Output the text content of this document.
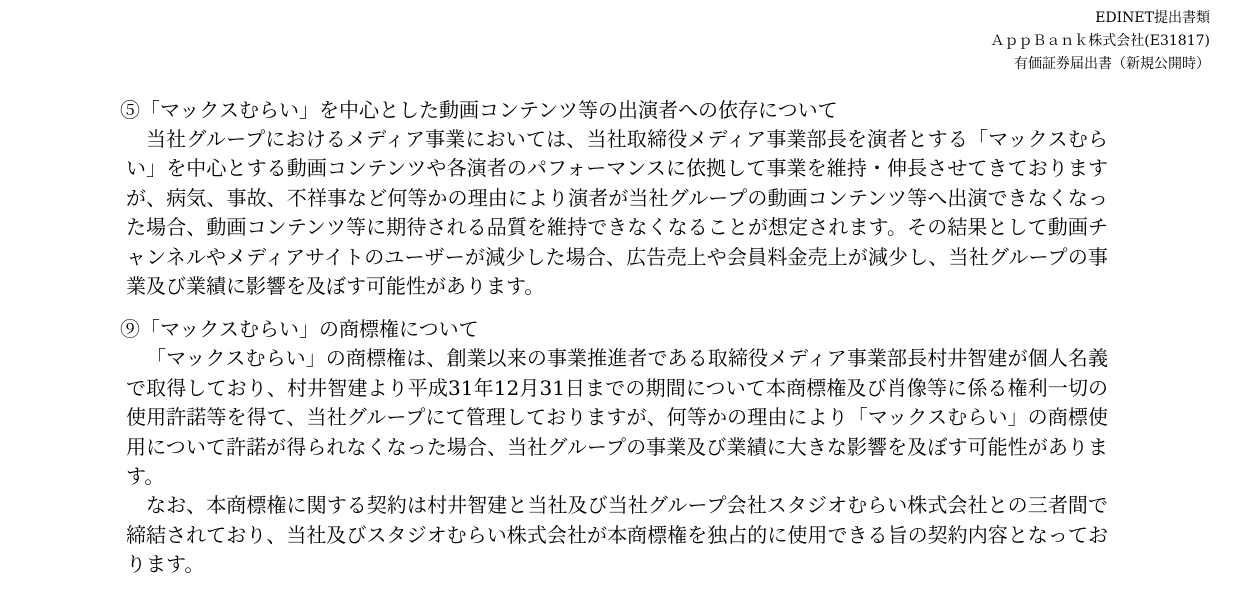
EDINET提出書類
ＡｐｐＢａｎｋ株式会社(E31817)
有価証券届出書（新規公開時）
⑤「マックスむらい」を中心とした動画コンテンツ等の出演者への依存について

当社グループにおけるメディア事業においては、当社取締役メディア事業部長を演者とする「マックスむらい」を中心とする動画コンテンツや各演者のパフォーマンスに依拠して事業を維持・伸長させてきておりますが、病気、事故、不祥事など何等かの理由により演者が当社グループの動画コンテンツ等へ出演できなくなった場合、動画コンテンツ等に期待される品質を維持できなくなることが想定されます。その結果として動画チャンネルやメディアサイトのユーザーが減少した場合、広告売上や会員料金売上が減少し、当社グループの事業及び業績に影響を及ぼす可能性があります。

⑨「マックスむらい」の商標権について

「マックスむらい」の商標権は、創業以来の事業推進者である取締役メディア事業部長村井智建が個人名義で取得しており、村井智建より平成31年12月31日までの期間について本商標権及び肖像等に係る権利一切の使用許諾等を得て、当社グループにて管理しておりますが、何等かの理由により「マックスむらい」の商標使用について許諾が得られなくなった場合、当社グループの事業及び業績に大きな影響を及ぼす可能性があります。

なお、本商標権に関する契約は村井智建と当社及び当社グループ会社スタジオむらい株式会社との三者間で締結されており、当社及びスタジオむらい株式会社が本商標権を独占的に使用できる旨の契約内容となっております。
